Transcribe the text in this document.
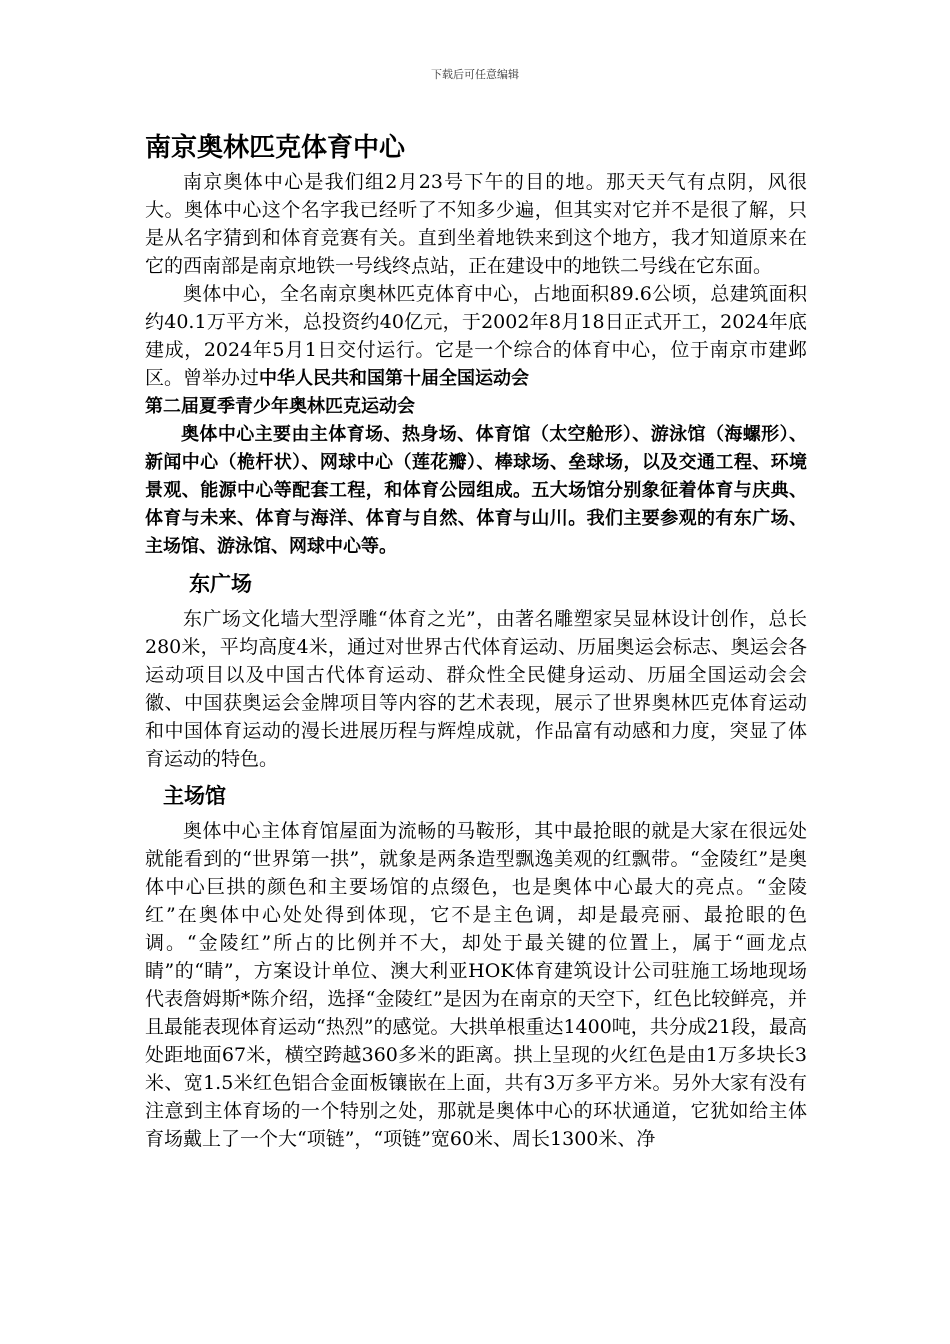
下载后可任意编辑
南京奥林匹克体育中心

南京奥体中心是我们组2月23号下午的目的地。那天天气有点阴，风很大。奥体中心这个名字我已经听了不知多少遍，但其实对它并不是很了解，只是从名字猜到和体育竞赛有关。直到坐着地铁来到这个地方，我才知道原来在它的西南部是南京地铁一号线终点站，正在建设中的地铁二号线在它东面。

奥体中心，全名南京奥林匹克体育中心，占地面积89.6公顷，总建筑面积约40.1万平方米，总投资约40亿元，于2002年8月18日正式开工，2024年底建成，2024年5月1日交付运行。它是一个综合的体育中心，位于南京市建邺区。曾举办过中华人民共和国第十届全国运动会

第二届夏季青少年奥林匹克运动会

奥体中心主要由主体育场、热身场、体育馆（太空舱形）、游泳馆（海螺形）、新闻中心（桅杆状）、网球中心（莲花瓣）、棒球场、垒球场，以及交通工程、环境景观、能源中心等配套工程，和体育公园组成。五大场馆分别象征着体育与庆典、体育与未来、体育与海洋、体育与自然、体育与山川。我们主要参观的有东广场、主场馆、游泳馆、网球中心等。

东广场

东广场文化墙大型浮雕“体育之光”，由著名雕塑家吴显林设计创作，总长280米，平均高度4米，通过对世界古代体育运动、历届奥运会标志、奥运会各运动项目以及中国古代体育运动、群众性全民健身运动、历届全国运动会会徽、中国获奥运会金牌项目等内容的艺术表现，展示了世界奥林匹克体育运动和中国体育运动的漫长进展历程与辉煌成就，作品富有动感和力度，突显了体育运动的特色。

主场馆

奥体中心主体育馆屋面为流畅的马鞍形，其中最抢眼的就是大家在很远处就能看到的“世界第一拱”，就象是两条造型飘逸美观的红飘带。“金陵红”是奥体中心巨拱的颜色和主要场馆的点缀色，也是奥体中心最大的亮点。“金陵红”在奥体中心处处得到体现，它不是主色调，却是最亮丽、最抢眼的色调。“金陵红”所占的比例并不大，却处于最关键的位置上，属于“画龙点睛”的“睛”，方案设计单位、澳大利亚HOK体育建筑设计公司驻施工场地现场代表詹姆斯*陈介绍，选择“金陵红”是因为在南京的天空下，红色比较鲜亮，并且最能表现体育运动“热烈”的感觉。大拱单根重达1400吨，共分成21段，最高处距地面67米，横空跨越360多米的距离。拱上呈现的火红色是由1万多块长3米、宽1.5米红色铝合金面板镶嵌在上面，共有3万多平方米。另外大家有没有注意到主体育场的一个特别之处，那就是奥体中心的环状通道，它犹如给主体育场戴上了一个大“项链”，“项链”宽60米、周长1300米、净
